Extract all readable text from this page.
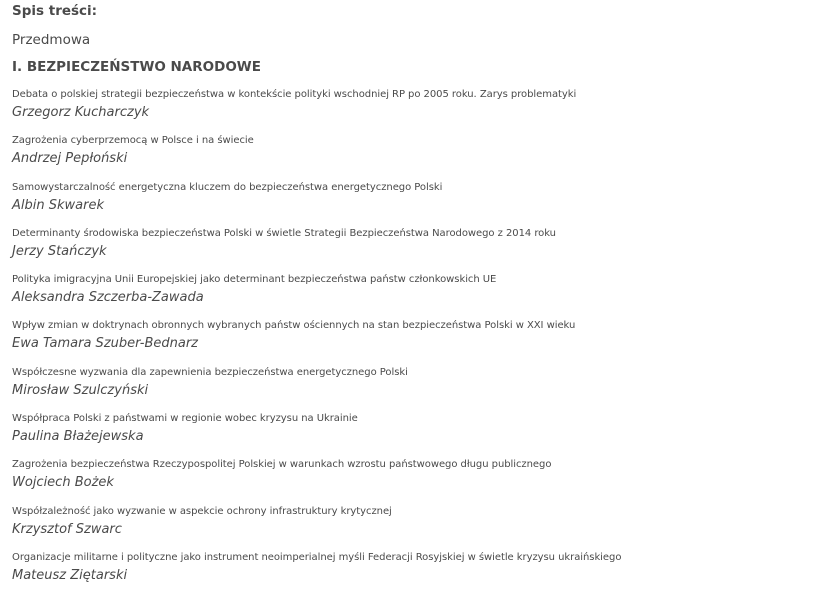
Spis treści:
Przedmowa
I. BEZPIECZEŃSTWO NARODOWE
Debata o polskiej strategii bezpieczeństwa w kontekście polityki wschodniej RP po 2005 roku. Zarys problematyki
Grzegorz Kucharczyk
Zagrożenia cyberprzemocą w Polsce i na świecie
Andrzej Pepłoński
Samowystarczalność energetyczna kluczem do bezpieczeństwa energetycznego Polski
Albin Skwarek
Determinanty środowiska bezpieczeństwa Polski w świetle Strategii Bezpieczeństwa Narodowego z 2014 roku
Jerzy Stańczyk
Polityka imigracyjna Unii Europejskiej jako determinant bezpieczeństwa państw członkowskich UE
Aleksandra Szczerba-Zawada
Wpływ zmian w doktrynach obronnych wybranych państw ościennych na stan bezpieczeństwa Polski w XXI wieku
Ewa Tamara Szuber-Bednarz
Współczesne wyzwania dla zapewnienia bezpieczeństwa energetycznego Polski
Mirosław Szulczyński
Współpraca Polski z państwami w regionie wobec kryzysu na Ukrainie
Paulina Błażejewska
Zagrożenia bezpieczeństwa Rzeczypospolitej Polskiej w warunkach wzrostu państwowego długu publicznego
Wojciech Bożek
Współzależność jako wyzwanie w aspekcie ochrony infrastruktury krytycznej
Krzysztof Szwarc
Organizacje militarne i polityczne jako instrument neoimperialnej myśli Federacji Rosyjskiej w świetle kryzysu ukraińskiego
Mateusz Ziętarski
